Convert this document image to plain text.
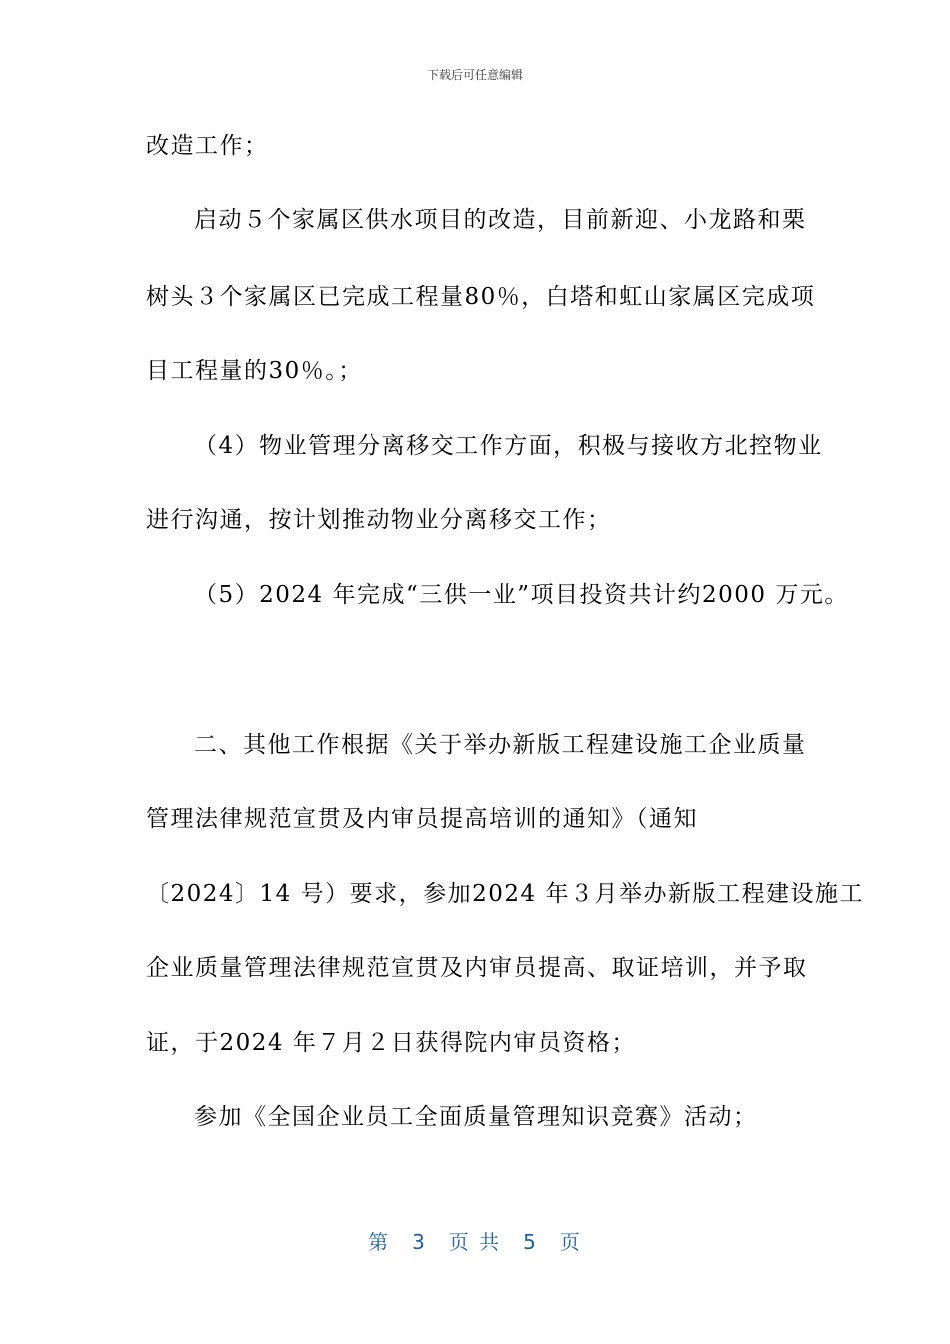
下载后可任意编辑
改造工作；
启动５个家属区供水项目的改造，目前新迎、小龙路和栗
树头３个家属区已完成工程量80％，白塔和虹山家属区完成项
目工程量的30％。；
（4）物业管理分离移交工作方面，积极与接收方北控物业
进行沟通，按计划推动物业分离移交工作；
（5）2024 年完成“三供一业”项目投资共计约2000 万元。
二、其他工作根据《关于举办新版工程建设施工企业质量
管理法律规范宣贯及内审员提高培训的通知》（通知
〔2024〕14 号）要求，参加2024 年３月举办新版工程建设施工
企业质量管理法律规范宣贯及内审员提高、取证培训，并予取
证，于2024 年７月２日获得院内审员资格；
参加《全国企业员工全面质量管理知识竞赛》活动；
第 3 页 共 5 页
